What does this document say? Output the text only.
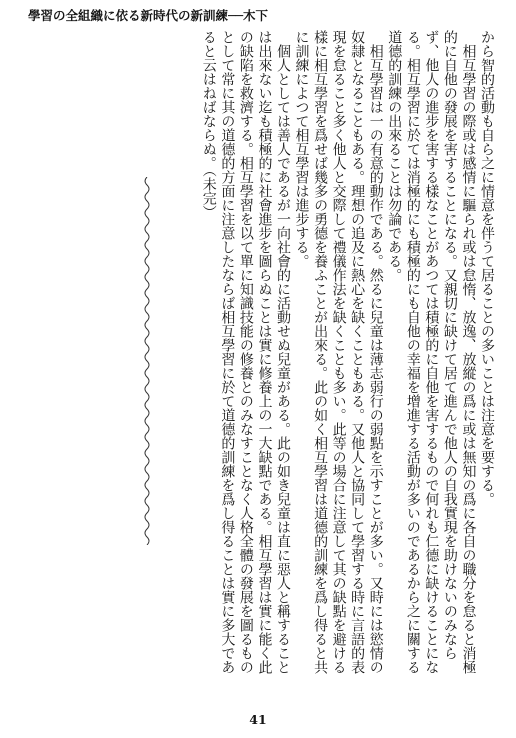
學習の全組織に依る新時代の新訓練──木下

から智的活動も自ら之に情意を伴うて居ることの多いことは注意を要する。

相互學習の際或は感情に驅られ或は怠惰、放逸、放縱の爲に或は無知の爲に各自の職分を怠ると消極的に自他の發展を害することになる。又親切に缺けて居て進んで他人の自我實現を助けないのみならず、他人の進步を害する樣なことがあつては積極的に自他を害するもので何れも仁德に缺けることになる。相互學習に於ては消極的にも積極的にも自他の幸福を增進する活動が多いのであるから之に關する道德的訓練の出來ることは勿論である。

相互學習は一の有意的動作である。然るに兒童は薄志弱行の弱點を示すことが多い。又時には慾情の奴隷となることもある。理想の追及に熱心を缺くこともある。又他人と協同して學習する時に言語的表現を怠ること多く他人と交際して禮儀作法を缺くことも多い。此等の場合に注意して其の缺點を避ける樣に相互學習を爲せば幾多の勇德を養ふことが出來る。此の如く相互學習は道德的訓練を爲し得ると共に訓練によつて相互學習は進步する。

個人としては善人であるが一向社會的に活動せぬ兒童がある。此の如き兒童は直に惡人と稱することは出來ない迄も積極的に社會進步を圖らぬことは實に修養上の一大缺點である。相互學習は實に能く此の缺陷を救濟する。相互學習を以て單に知識技能の修養とのみなすことなく人格全體の發展を圖るものとして常に其の道德的方面に注意したならば相互學習に於て道德的訓練を爲し得ることは實に多大であると云はねばならぬ。（未完）

41
